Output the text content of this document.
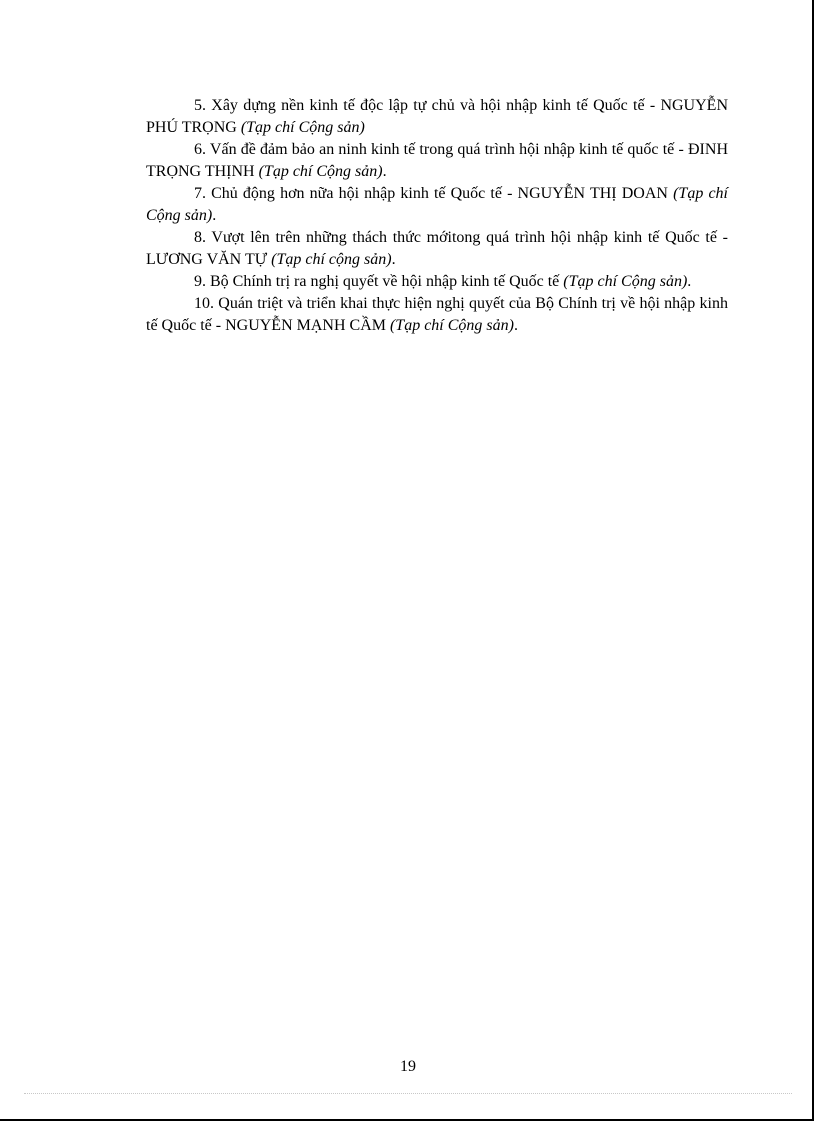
5. Xây dựng nền kinh tế độc lập tự chủ và hội nhập kinh tế Quốc tế - NGUYỄN PHÚ TRỌNG (Tạp chí Cộng sản)

6. Vấn đề đảm bảo an ninh kinh tế trong quá trình hội nhập kinh tế quốc tế - ĐINH TRỌNG THỊNH (Tạp chí Cộng sản).

7. Chủ động hơn nữa hội nhập kinh tế Quốc tế - NGUYỄN THỊ DOAN (Tạp chí Cộng sản).

8. Vượt lên trên những thách thức mớitong quá trình hội nhập kinh tế Quốc tế - LƯƠNG VĂN TỰ (Tạp chí cộng sản).

9. Bộ Chính trị ra nghị quyết về hội nhập kinh tế Quốc tế (Tạp chí Cộng sản).

10. Quán triệt và triển khai thực hiện nghị quyết của Bộ Chính trị về hội nhập kinh tế Quốc tế - NGUYỄN MẠNH CẦM (Tạp chí Cộng sản).

19
